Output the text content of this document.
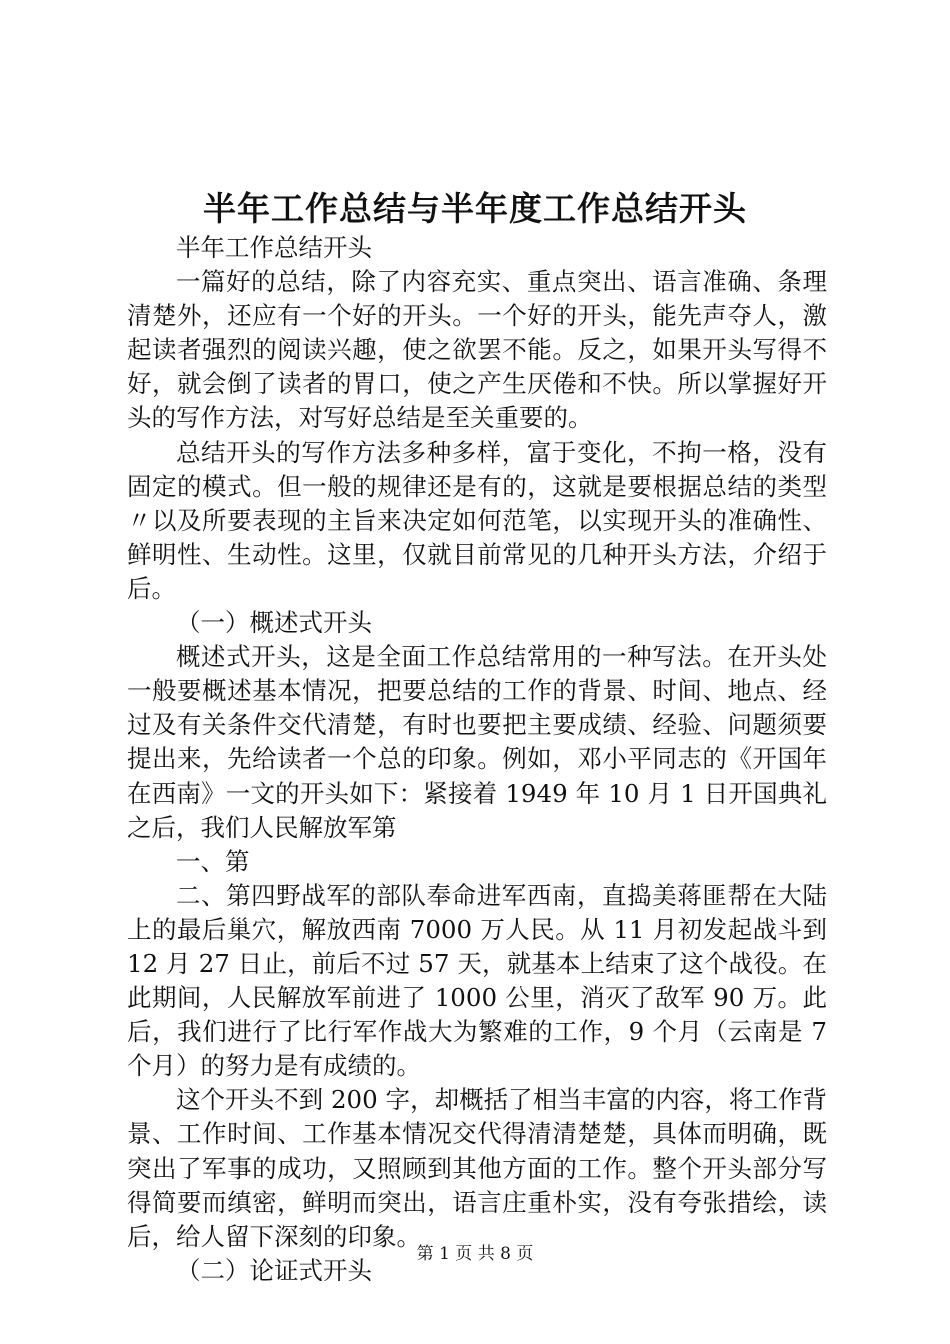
半年工作总结与半年度工作总结开头

半年工作总结开头

一篇好的总结，除了内容充实、重点突出、语言准确、条理清楚外，还应有一个好的开头。一个好的开头，能先声夺人，激起读者强烈的阅读兴趣，使之欲罢不能。反之，如果开头写得不好，就会倒了读者的胃口，使之产生厌倦和不快。所以掌握好开头的写作方法，对写好总结是至关重要的。

总结开头的写作方法多种多样，富于变化，不拘一格，没有固定的模式。但一般的规律还是有的，这就是要根据总结的类型〃以及所要表现的主旨来决定如何范笔，以实现开头的准确性、鲜明性、生动性。这里，仅就目前常见的几种开头方法，介绍于后。

（一）概述式开头

概述式开头，这是全面工作总结常用的一种写法。在开头处一般要概述基本情况，把要总结的工作的背景、时间、地点、经过及有关条件交代清楚，有时也要把主要成绩、经验、问题须要提出来，先给读者一个总的印象。例如，邓小平同志的《开国年在西南》一文的开头如下：紧接着 1949 年 10 月 1 日开国典礼之后，我们人民解放军第

一、第

二、第四野战军的部队奉命进军西南，直捣美蒋匪帮在大陆上的最后巢穴，解放西南 7000 万人民。从 11 月初发起战斗到 12 月 27 日止，前后不过 57 天，就基本上结束了这个战役。在此期间，人民解放军前进了 1000 公里，消灭了敌军 90 万。此后，我们进行了比行军作战大为繁难的工作，9 个月（云南是 7 个月）的努力是有成绩的。

这个开头不到 200 字，却概括了相当丰富的内容，将工作背景、工作时间、工作基本情况交代得清清楚楚，具体而明确，既突出了军事的成功，又照顾到其他方面的工作。整个开头部分写得简要而缜密，鲜明而突出，语言庄重朴实，没有夸张措绘，读后，给人留下深刻的印象。

（二）论证式开头

第 1 页 共 8 页
